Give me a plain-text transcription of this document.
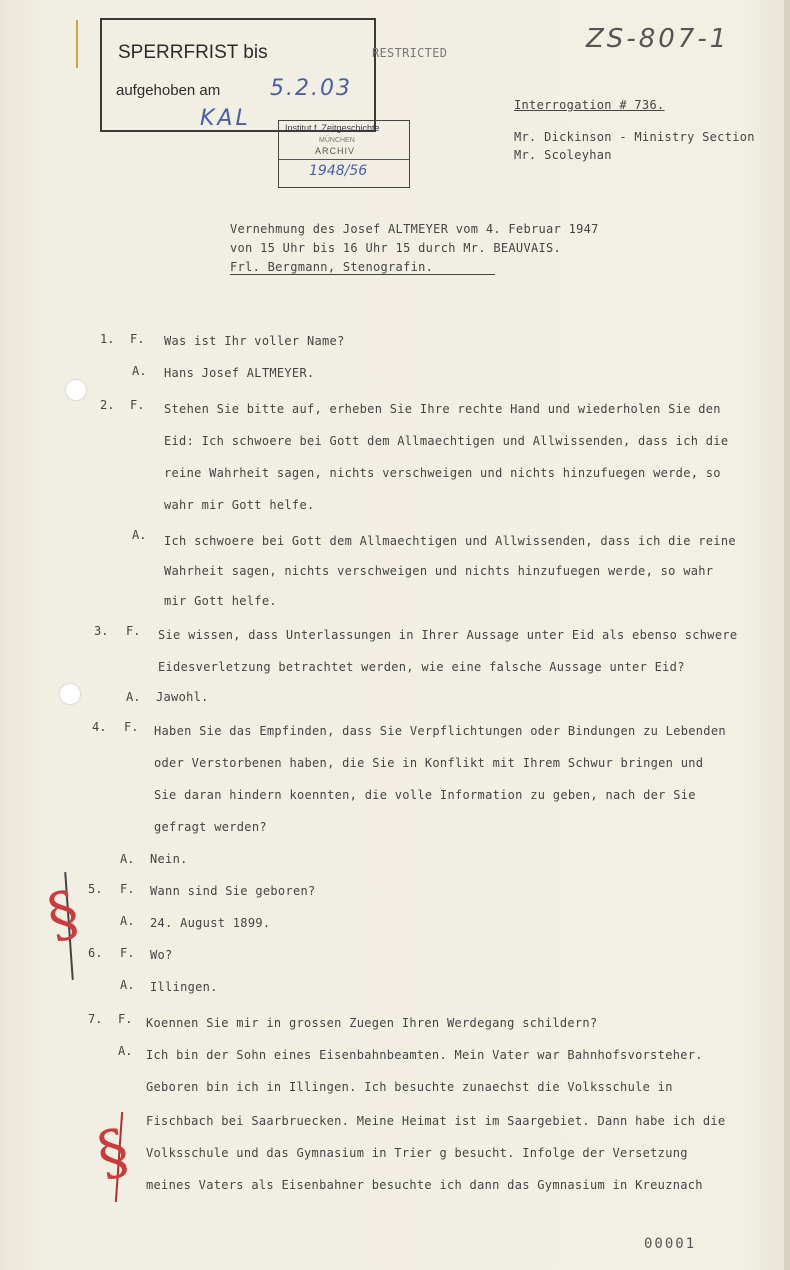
SPERRFRIST bis
aufgehoben am 5.2.03
KAL
RESTRICTED
Institut f. Zeitgeschichte
MÜNCHEN
ARCHIV
1948/56
ZS-807-1
Interrogation # 736.
Mr. Dickinson - Ministry Section
Mr. Scoleyhan
Vernehmung des Josef ALTMEYER vom 4. Februar 1947
von 15 Uhr bis 16 Uhr 15 durch Mr. BEAUVAIS.
Frl. Bergmann, Stenografin.
1. F. Was ist Ihr voller Name?
A. Hans Josef ALTMEYER.
2. F. Stehen Sie bitte auf, erheben Sie Ihre rechte Hand und wiederholen Sie den
Eid: Ich schwoere bei Gott dem Allmaechtigen und Allwissenden, dass ich die
reine Wahrheit sagen, nichts verschweigen und nichts hinzufuegen werde, so
wahr mir Gott helfe.
A. Ich schwoere bei Gott dem Allmaechtigen und Allwissenden, dass ich die reine
Wahrheit sagen, nichts verschweigen und nichts hinzufuegen werde, so wahr
mir Gott helfe.
3. F. Sie wissen, dass Unterlassungen in Ihrer Aussage unter Eid als ebenso schwere
Eidesverletzung betrachtet werden, wie eine falsche Aussage unter Eid?
A. Jawohl.
4. F. Haben Sie das Empfinden, dass Sie Verpflichtungen oder Bindungen zu Lebenden
oder Verstorbenen haben, die Sie in Konflikt mit Ihrem Schwur bringen und
Sie daran hindern koennten, die volle Information zu geben, nach der Sie
gefragt werden?
A. Nein.
5. F. Wann sind Sie geboren?
A. 24. August 1899.
6. F. Wo?
A. Illingen.
7. F. Koennen Sie mir in grossen Zuegen Ihren Werdegang schildern?
A. Ich bin der Sohn eines Eisenbahnbeamten. Mein Vater war Bahnhofsvorsteher.
Geboren bin ich in Illingen. Ich besuchte zunaechst die Volksschule in
Fischbach bei Saarbruecken. Meine Heimat ist im Saargebiet. Dann habe ich die
Volksschule und das Gymnasium in Trier g besucht. Infolge der Versetzung
meines Vaters als Eisenbahner besuchte ich dann das Gymnasium in Kreuznach
§
§
00001
